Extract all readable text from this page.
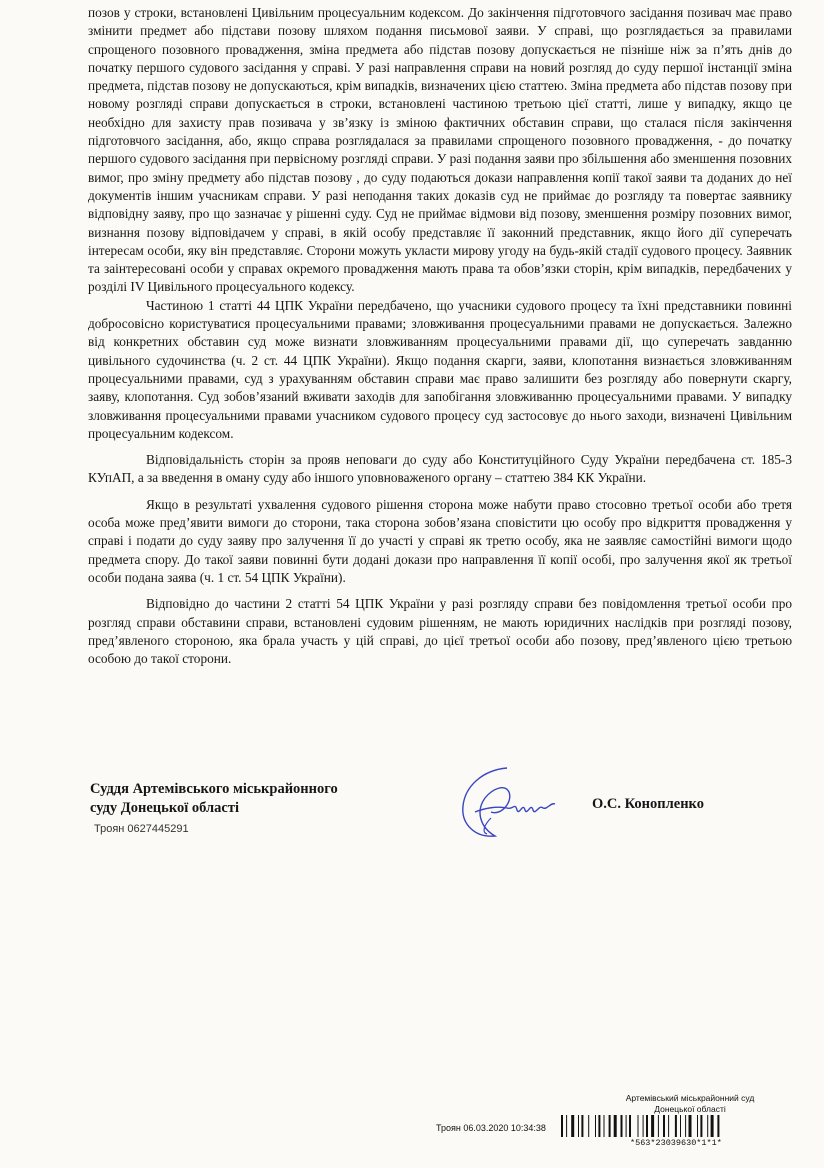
позов у строки, встановлені Цивільним процесуальним кодексом. До закінчення підготовчого засідання позивач має право змінити предмет або підстави позову шляхом подання письмової заяви. У справі, що розглядається за правилами спрощеного позовного провадження, зміна предмета або підстав позову допускається не пізніше ніж за п’ять днів до початку першого судового засідання у справі. У разі направлення справи на новий розгляд до суду першої інстанції зміна предмета, підстав позову не допускаються, крім випадків, визначених цією статтею. Зміна предмета або підстав позову при новому розгляді справи допускається в строки, встановлені частиною третьою цієї статті, лише у випадку, якщо це необхідно для захисту прав позивача у зв’язку із зміною фактичних обставин справи, що сталася після закінчення підготовчого засідання, або, якщо справа розглядалася за правилами спрощеного позовного провадження, - до початку першого судового засідання при первісному розгляді справи. У разі подання заяви про збільшення або зменшення позовних вимог, про зміну предмету або підстав позову , до суду подаються докази направлення копії такої заяви та доданих до неї документів іншим учасникам справи. У разі неподання таких доказів суд не приймає до розгляду та повертає заявнику відповідну заяву, про що зазначає у рішенні суду. Суд не приймає відмови від позову, зменшення розміру позовних вимог, визнання позову відповідачем у справі, в якій особу представляє її законний представник, якщо його дії суперечать інтересам особи, яку він представляє. Сторони можуть укласти мирову угоду на будь-якій стадії судового процесу. Заявник та заінтересовані особи у справах окремого провадження мають права та обов’язки сторін, крім випадків, передбачених у розділі IV Цивільного процесуального кодексу.

Частиною 1 статті 44 ЦПК України передбачено, що учасники судового процесу та їхні представники повинні добросовісно користуватися процесуальними правами; зловживання процесуальними правами не допускається. Залежно від конкретних обставин суд може визнати зловживанням процесуальними правами дії, що суперечать завданню цивільного судочинства (ч. 2 ст. 44 ЦПК України). Якщо подання скарги, заяви, клопотання визнається зловживанням процесуальними правами, суд з урахуванням обставин справи має право залишити без розгляду або повернути скаргу, заяву, клопотання. Суд зобов’язаний вживати заходів для запобігання зловживанню процесуальними правами. У випадку зловживання процесуальними правами учасником судового процесу суд застосовує до нього заходи, визначені Цивільним процесуальним кодексом.

Відповідальність сторін за прояв неповаги до суду або Конституційного Суду України передбачена ст. 185-3 КУпАП, а за введення в оману суду або іншого уповноваженого органу – статтею 384 КК України.

Якщо в результаті ухвалення судового рішення сторона може набути право стосовно третьої особи або третя особа може пред’явити вимоги до сторони, така сторона зобов’язана сповістити цю особу про відкриття провадження у справі і подати до суду заяву про залучення її до участі у справі як третю особу, яка не заявляє самостійні вимоги щодо предмета спору. До такої заяви повинні бути додані докази про направлення її копії особі, про залучення якої як третьої особи подана заява (ч. 1 ст. 54 ЦПК України).

Відповідно до частини 2 статті 54 ЦПК України у разі розгляду справи без повідомлення третьої особи про розгляд справи обставини справи, встановлені судовим рішенням, не мають юридичних наслідків при розгляді позову, пред’явленого стороною, яка брала участь у цій справі, до цієї третьої особи або позову, пред’явленого цією третьою особою до такої сторони.

Суддя Артемівського міськрайонного
суду Донецької області
Троян 0627445291
О.С. Конопленко
Артемівський міськрайонний суд
Донецької області
Троян 06.03.2020 10:34:38
*563*23039630*1*1*
